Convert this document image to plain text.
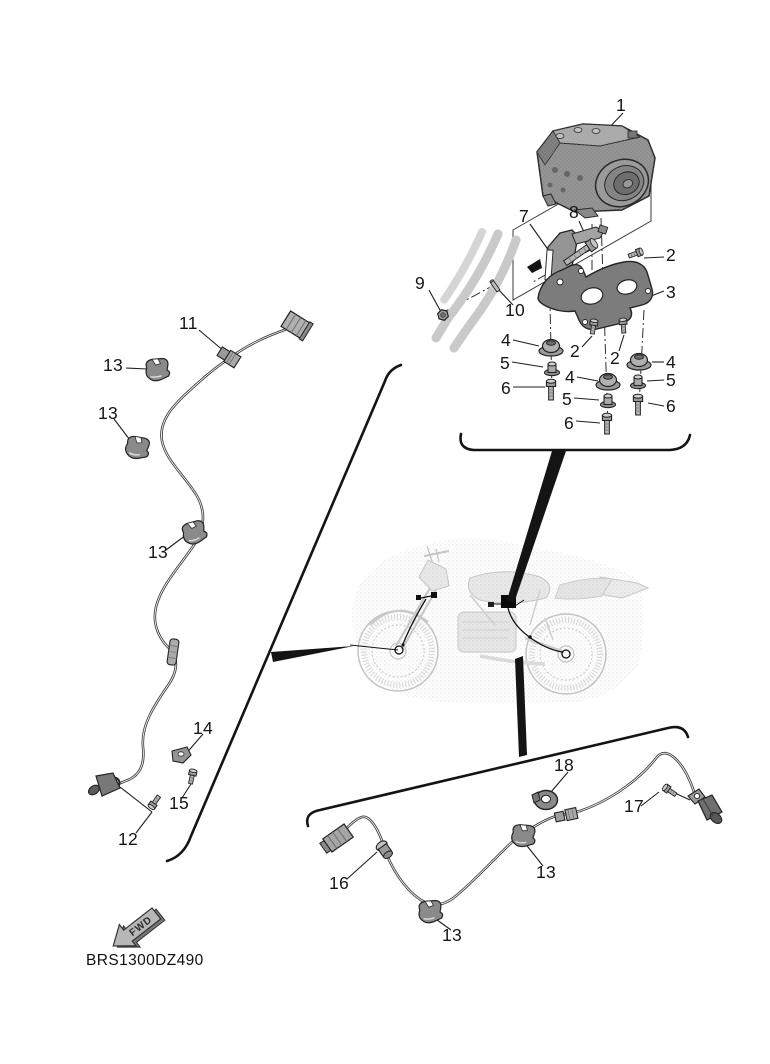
FWD
1
2
2 2
3
4
4
4
5
5
5
6
6
6
7 8
9
10
11
13
13
13
12
14
15
16
17
18
13
13
BRS1300DZ490
